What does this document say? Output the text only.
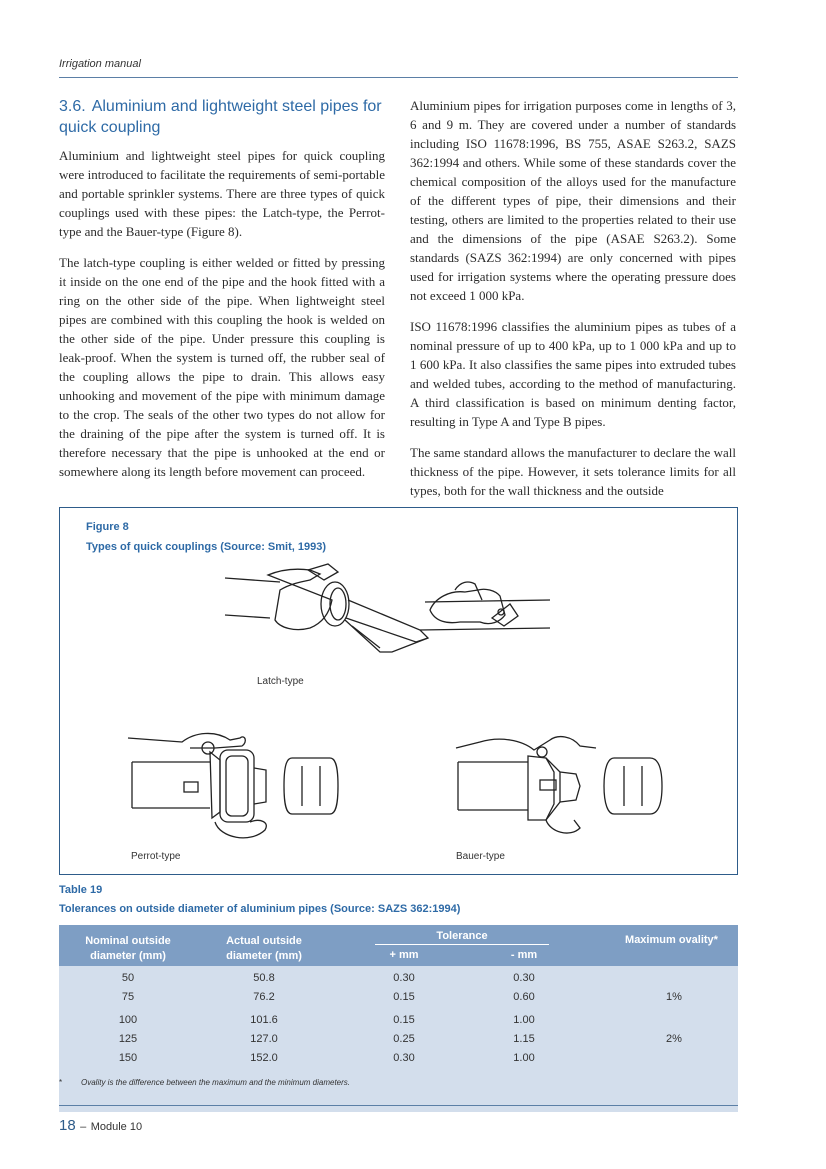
Irrigation manual
3.6. Aluminium and lightweight steel pipes for quick coupling

Aluminium and lightweight steel pipes for quick coupling were introduced to facilitate the requirements of semi-portable and portable sprinkler systems. There are three types of quick couplings used with these pipes: the Latch-type, the Perrot-type and the Bauer-type (Figure 8).

The latch-type coupling is either welded or fitted by pressing it inside on the one end of the pipe and the hook fitted with a ring on the other side of the pipe. When lightweight steel pipes are combined with this coupling the hook is welded on the other side of the pipe. Under pressure this coupling is leak-proof. When the system is turned off, the rubber seal of the coupling allows the pipe to drain. This allows easy unhooking and movement of the pipe with minimum damage to the crop. The seals of the other two types do not allow for the draining of the pipe after the system is turned off. It is therefore necessary that the pipe is unhooked at the end or somewhere along its length before movement can proceed.

Aluminium pipes for irrigation purposes come in lengths of 3, 6 and 9 m. They are covered under a number of standards including ISO 11678:1996, BS 755, ASAE S263.2, SAZS 362:1994 and others. While some of these standards cover the chemical composition of the alloys used for the manufacture of the different types of pipe, their dimensions and their testing, others are limited to the properties related to their use and the dimensions of the pipe (ASAE S263.2). Some standards (SAZS 362:1994) are only concerned with pipes used for irrigation systems where the operating pressure does not exceed 1 000 kPa.

ISO 11678:1996 classifies the aluminium pipes as tubes of a nominal pressure of up to 400 kPa, up to 1 000 kPa and up to 1 600 kPa. It also classifies the same pipes into extruded tubes and welded tubes, according to the method of manufacturing. A third classification is based on minimum denting factor, resulting in Type A and Type B pipes.

The same standard allows the manufacturer to declare the wall thickness of the pipe. However, it sets tolerance limits for all types, both for the wall thickness and the outside

Figure 8
Types of quick couplings (Source: Smit, 1993)
Latch-type
Perrot-type	Bauer-type
Table 19
Tolerances on outside diameter of aluminium pipes (Source: SAZS 362:1994)
Nominal outside
diameter (mm)
Actual outside
diameter (mm)
Tolerance
+ mm	- mm
Maximum ovality*
50	50.8	0.30	0.30
75	76.2	0.15	0.60	1%
100	101.6	0.15	1.00
125	127.0	0.25	1.15	2%
150	152.0	0.30	1.00
* Ovality is the difference between the maximum and the minimum diameters.
18 – Module 10
